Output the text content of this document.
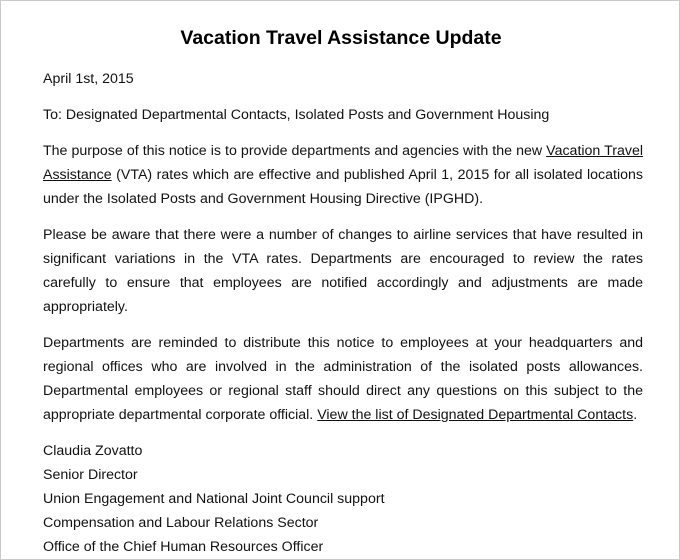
Vacation Travel Assistance Update

April 1st, 2015

To: Designated Departmental Contacts, Isolated Posts and Government Housing

The purpose of this notice is to provide departments and agencies with the new Vacation Travel Assistance (VTA) rates which are effective and published April 1, 2015 for all isolated locations under the Isolated Posts and Government Housing Directive (IPGHD).

Please be aware that there were a number of changes to airline services that have resulted in significant variations in the VTA rates. Departments are encouraged to review the rates carefully to ensure that employees are notified accordingly and adjustments are made appropriately.

Departments are reminded to distribute this notice to employees at your headquarters and regional offices who are involved in the administration of the isolated posts allowances. Departmental employees or regional staff should direct any questions on this subject to the appropriate departmental corporate official. View the list of Designated Departmental Contacts.

Claudia Zovatto

Senior Director

Union Engagement and National Joint Council support

Compensation and Labour Relations Sector

Office of the Chief Human Resources Officer
